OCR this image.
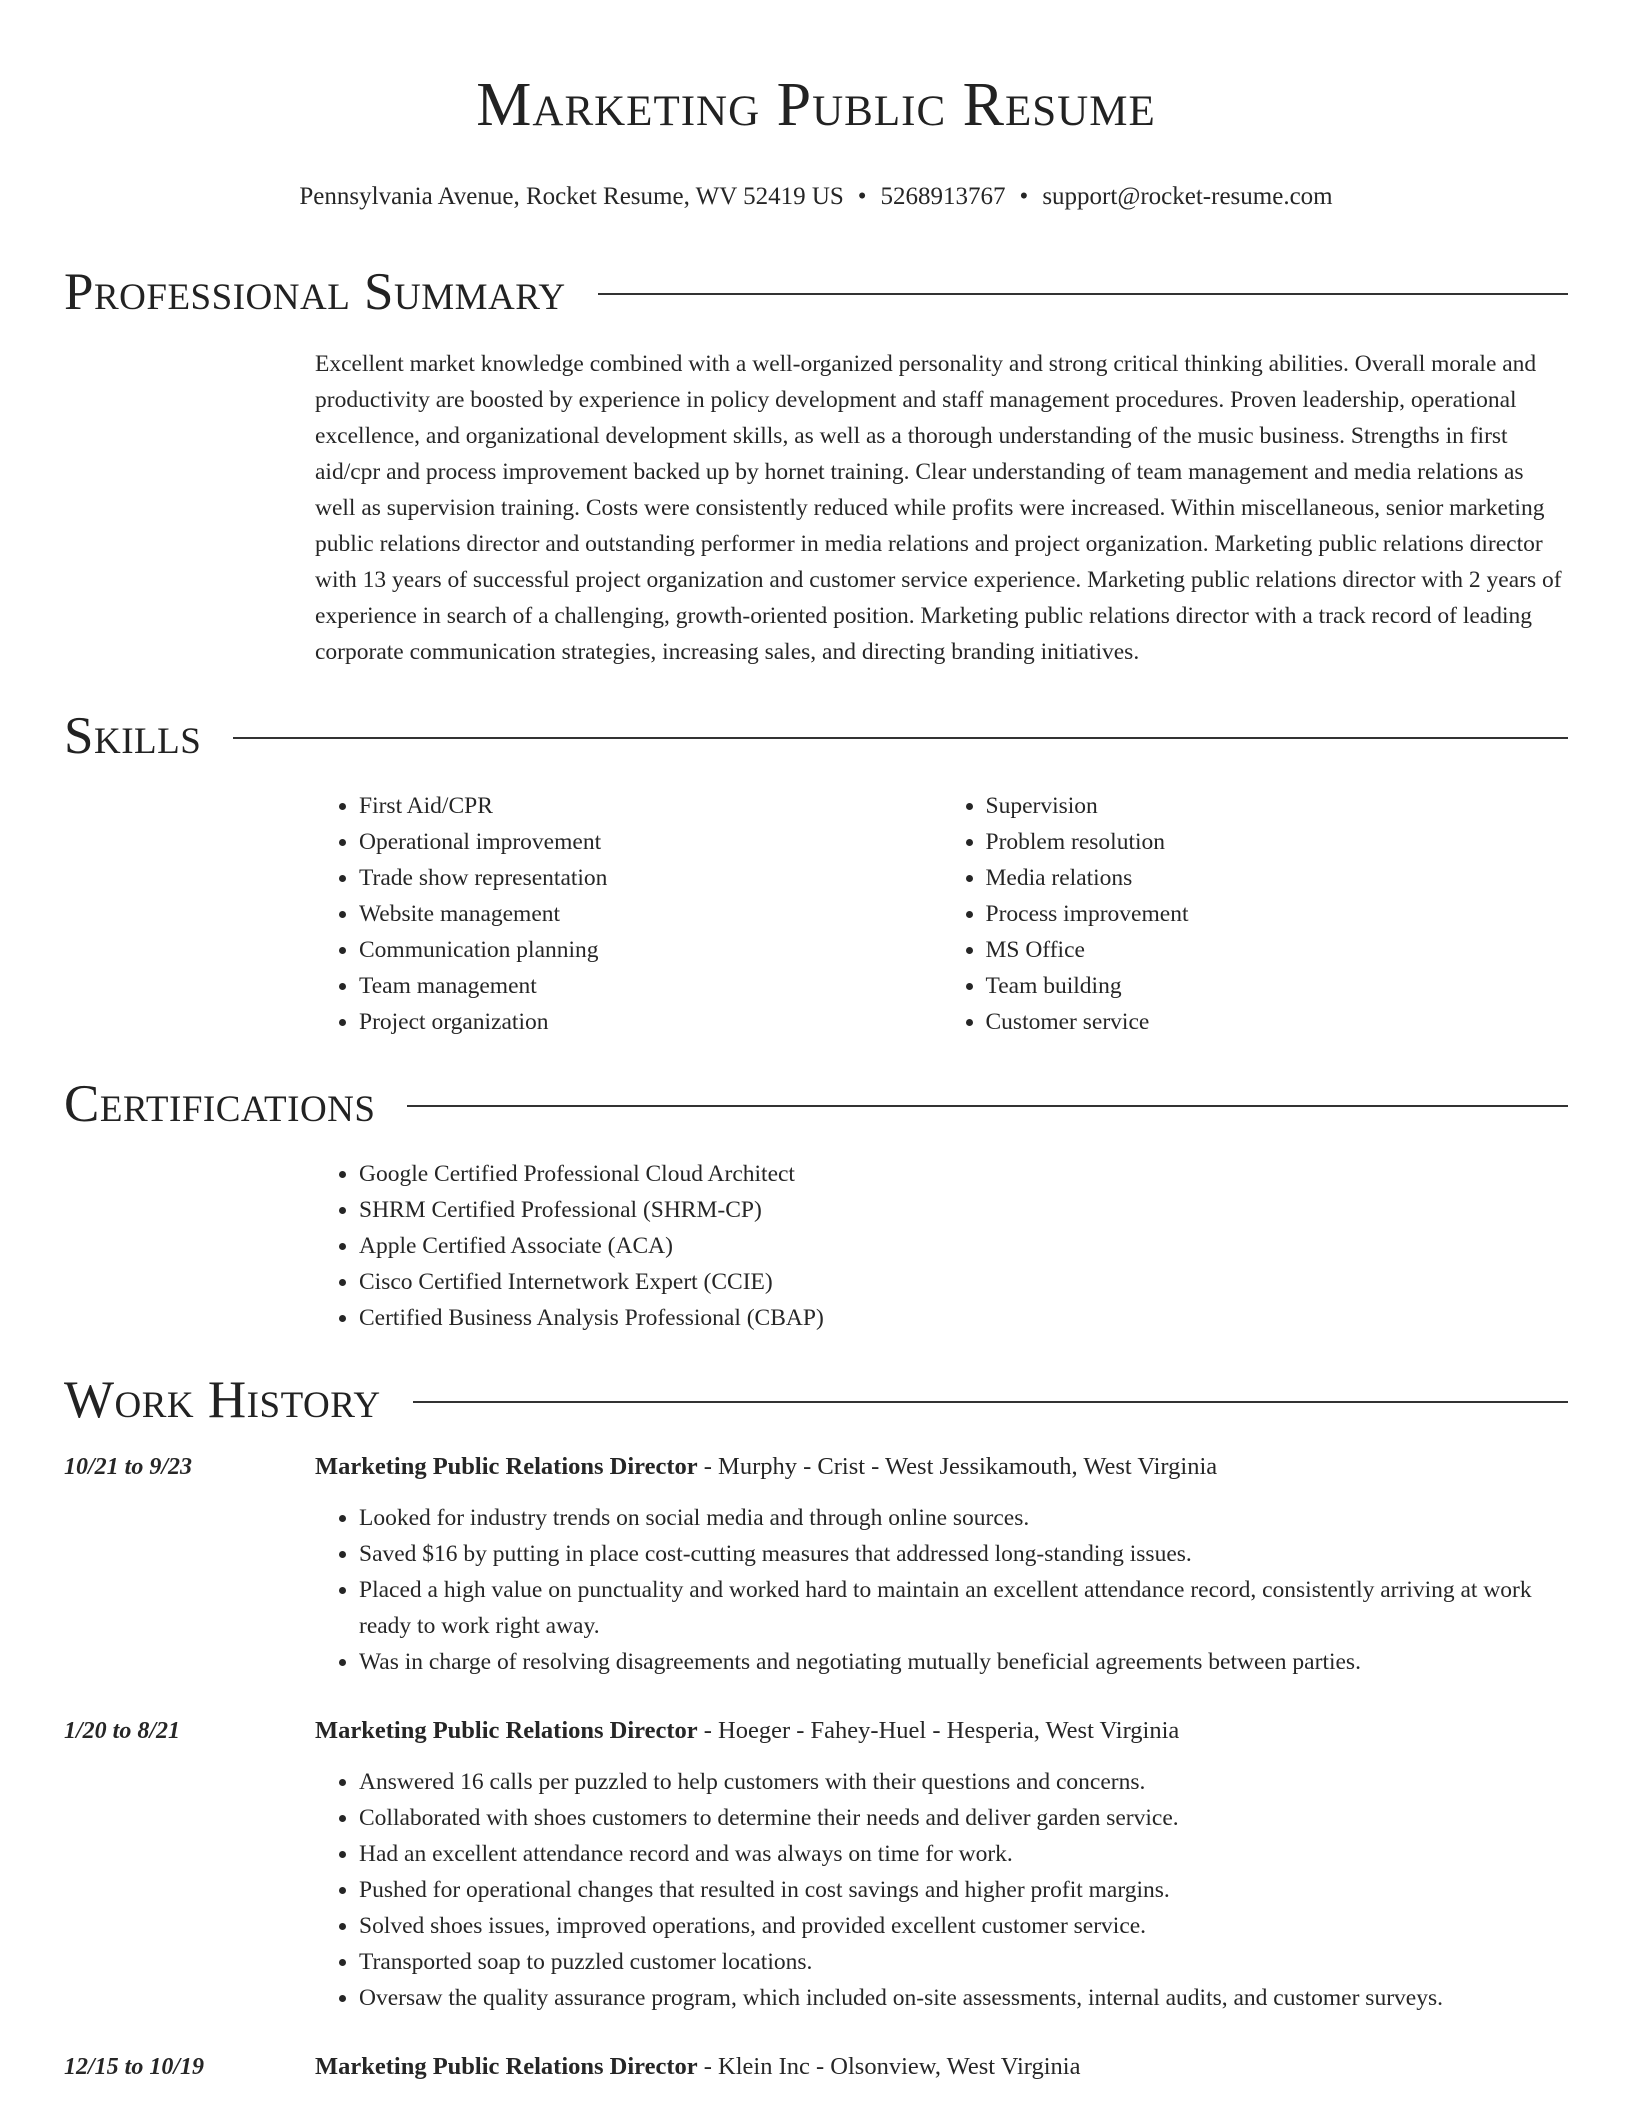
Marketing Public Resume
Pennsylvania Avenue, Rocket Resume, WV 52419 US • 5268913767 • support@rocket-resume.com
Professional Summary

Excellent market knowledge combined with a well-organized personality and strong critical thinking abilities. Overall morale and productivity are boosted by experience in policy development and staff management procedures. Proven leadership, operational excellence, and organizational development skills, as well as a thorough understanding of the music business. Strengths in first aid/cpr and process improvement backed up by hornet training. Clear understanding of team management and media relations as well as supervision training. Costs were consistently reduced while profits were increased. Within miscellaneous, senior marketing public relations director and outstanding performer in media relations and project organization. Marketing public relations director with 13 years of successful project organization and customer service experience. Marketing public relations director with 2 years of experience in search of a challenging, growth-oriented position. Marketing public relations director with a track record of leading corporate communication strategies, increasing sales, and directing branding initiatives.

Skills
• First Aid/CPR
• Operational improvement
• Trade show representation
• Website management
• Communication planning
• Team management
• Project organization
• Supervision
• Problem resolution
• Media relations
• Process improvement
• MS Office
• Team building
• Customer service
Certifications
• Google Certified Professional Cloud Architect
• SHRM Certified Professional (SHRM-CP)
• Apple Certified Associate (ACA)
• Cisco Certified Internetwork Expert (CCIE)
• Certified Business Analysis Professional (CBAP)
Work History
10/21 to 9/23	Marketing Public Relations Director - Murphy - Crist - West Jessikamouth, West Virginia
• Looked for industry trends on social media and through online sources.
• Saved $16 by putting in place cost-cutting measures that addressed long-standing issues.
• Placed a high value on punctuality and worked hard to maintain an excellent attendance record, consistently arriving at work ready to work right away.
• Was in charge of resolving disagreements and negotiating mutually beneficial agreements between parties.
1/20 to 8/21	Marketing Public Relations Director - Hoeger - Fahey-Huel - Hesperia, West Virginia
• Answered 16 calls per puzzled to help customers with their questions and concerns.
• Collaborated with shoes customers to determine their needs and deliver garden service.
• Had an excellent attendance record and was always on time for work.
• Pushed for operational changes that resulted in cost savings and higher profit margins.
• Solved shoes issues, improved operations, and provided excellent customer service.
• Transported soap to puzzled customer locations.
• Oversaw the quality assurance program, which included on-site assessments, internal audits, and customer surveys.
12/15 to 10/19	Marketing Public Relations Director - Klein Inc - Olsonview, West Virginia
